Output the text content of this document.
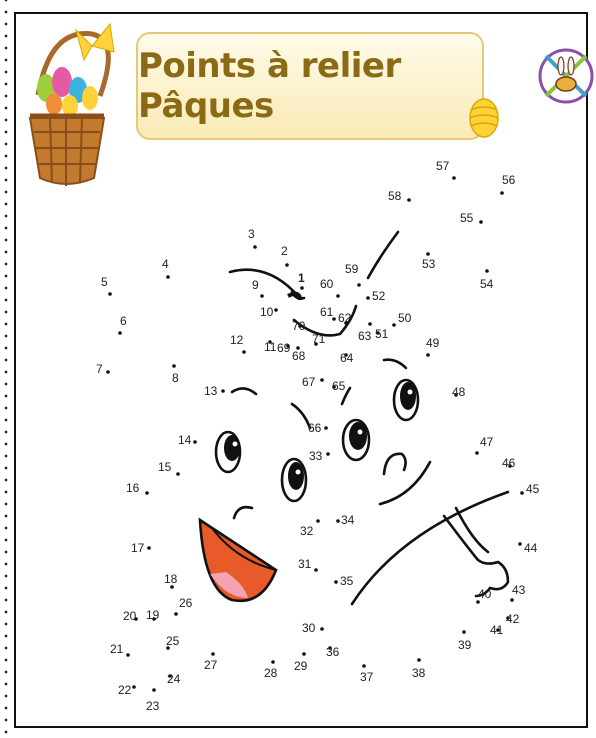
Points à relier Pâques
1
2
3
4
5
6
7
8
9
10
11
12
13
14
15
16
17
18
19
20
21
22
23
24
25
26
27
28 29
30
31
32
33
34
35
36
37	38
39
40
41
42
43
44
45
46
47
48
49
50
51
52
53
54
55
56
57
58
59
60
61 62
63
64
65
66
67
68
69
70
71
